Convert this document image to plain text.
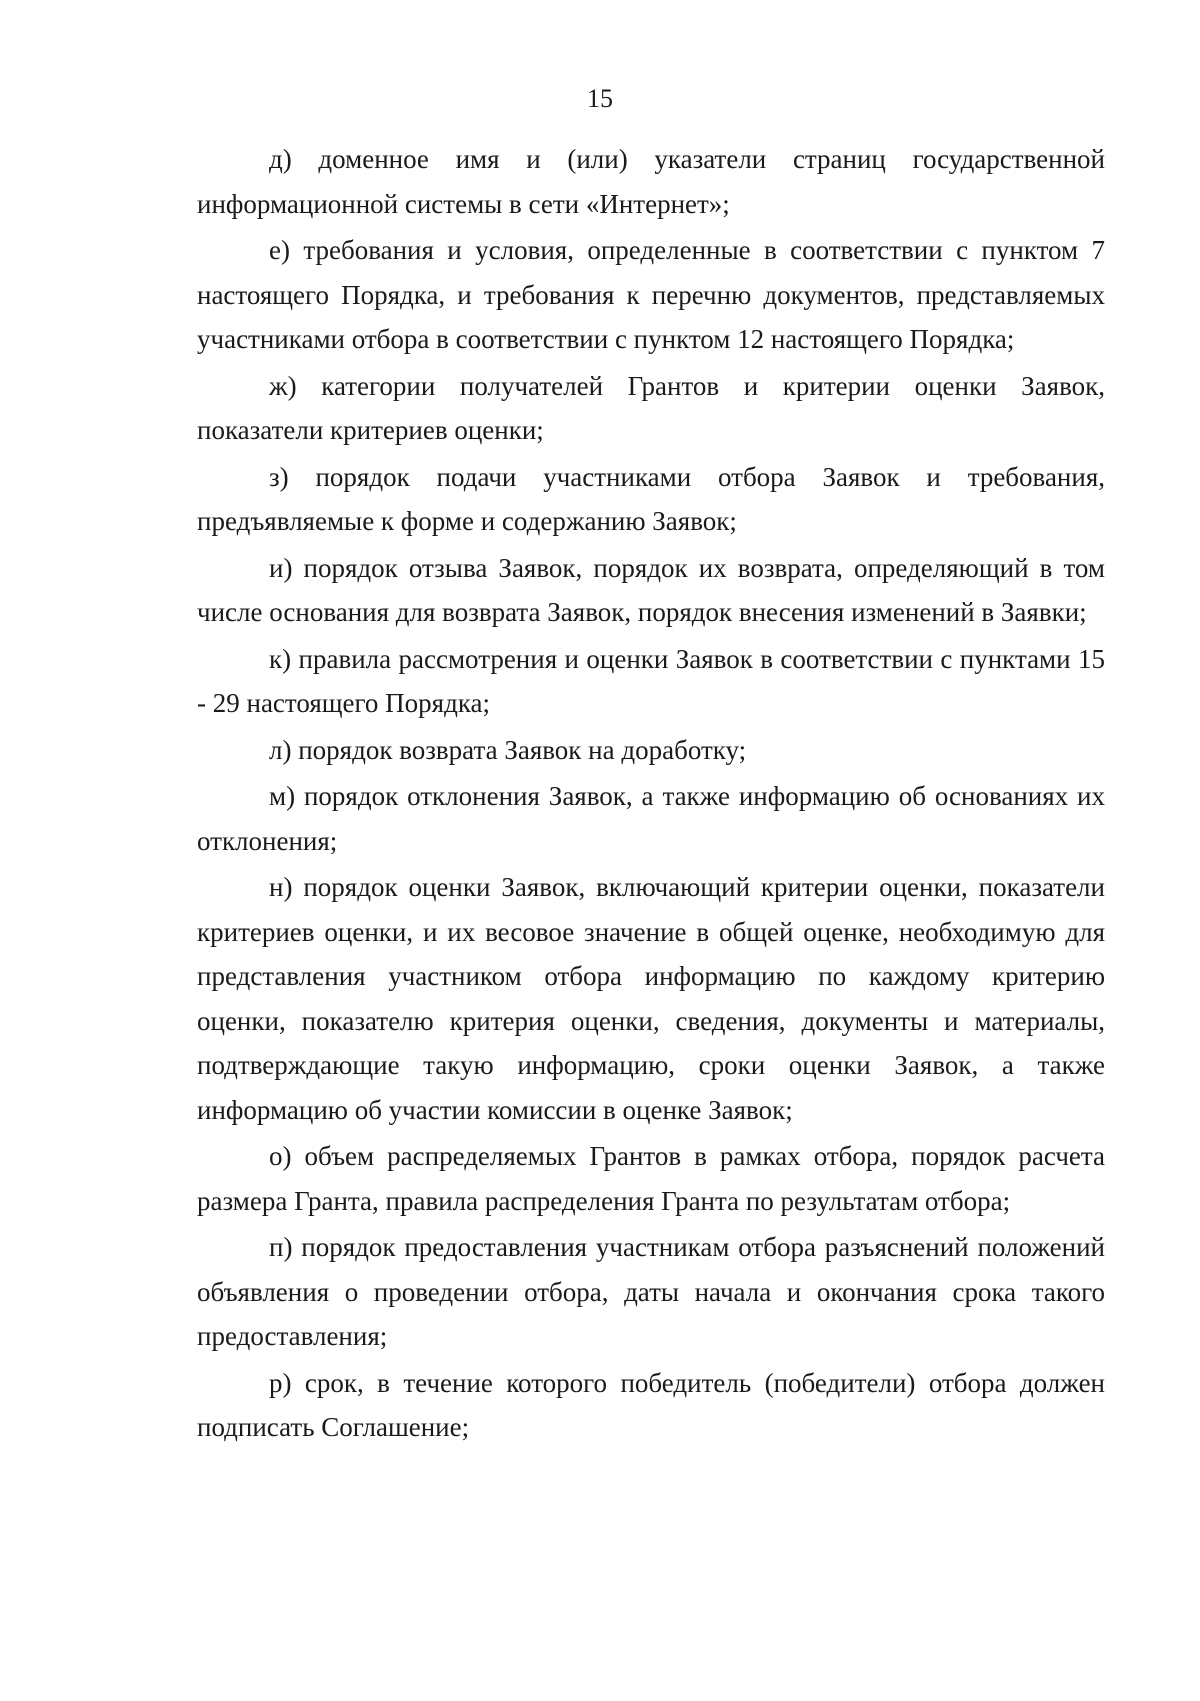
15

д) доменное имя и (или) указатели страниц государственной информационной системы в сети «Интернет»;

е) требования и условия, определенные в соответствии с пунктом 7 настоящего Порядка, и требования к перечню документов, представляемых участниками отбора в соответствии с пунктом 12 настоящего Порядка;

ж) категории получателей Грантов и критерии оценки Заявок, показатели критериев оценки;

з) порядок подачи участниками отбора Заявок и требования, предъявляемые к форме и содержанию Заявок;

и) порядок отзыва Заявок, порядок их возврата, определяющий в том числе основания для возврата Заявок, порядок внесения изменений в Заявки;

к) правила рассмотрения и оценки Заявок в соответствии с пунктами 15 - 29 настоящего Порядка;

л) порядок возврата Заявок на доработку;

м) порядок отклонения Заявок, а также информацию об основаниях их отклонения;

н) порядок оценки Заявок, включающий критерии оценки, показатели критериев оценки, и их весовое значение в общей оценке, необходимую для представления участником отбора информацию по каждому критерию оценки, показателю критерия оценки, сведения, документы и материалы, подтверждающие такую информацию, сроки оценки Заявок, а также информацию об участии комиссии в оценке Заявок;

о) объем распределяемых Грантов в рамках отбора, порядок расчета размера Гранта, правила распределения Гранта по результатам отбора;

п) порядок предоставления участникам отбора разъяснений положений объявления о проведении отбора, даты начала и окончания срока такого предоставления;

р) срок, в течение которого победитель (победители) отбора должен подписать Соглашение;
